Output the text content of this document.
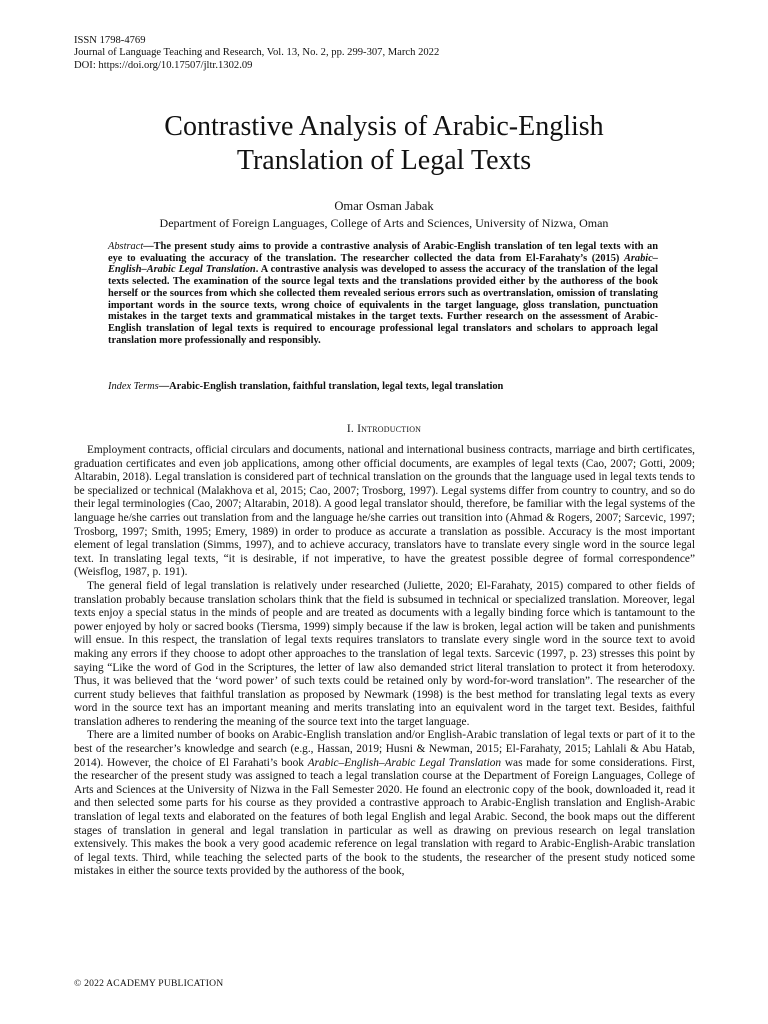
ISSN 1798-4769
Journal of Language Teaching and Research, Vol. 13, No. 2, pp. 299-307, March 2022
DOI: https://doi.org/10.17507/jltr.1302.09
Contrastive Analysis of Arabic-English
Translation of Legal Texts
Omar Osman Jabak
Department of Foreign Languages, College of Arts and Sciences, University of Nizwa, Oman
Abstract—The present study aims to provide a contrastive analysis of Arabic-English translation of ten legal texts with an eye to evaluating the accuracy of the translation. The researcher collected the data from El-Farahaty’s (2015) Arabic–English–Arabic Legal Translation. A contrastive analysis was developed to assess the accuracy of the translation of the legal texts selected. The examination of the source legal texts and the translations provided either by the authoress of the book herself or the sources from which she collected them revealed serious errors such as overtranslation, omission of translating important words in the source texts, wrong choice of equivalents in the target language, gloss translation, punctuation mistakes in the target texts and grammatical mistakes in the target texts. Further research on the assessment of Arabic-English translation of legal texts is required to encourage professional legal translators and scholars to approach legal translation more professionally and responsibly.
Index Terms—Arabic-English translation, faithful translation, legal texts, legal translation
I. Introduction

Employment contracts, official circulars and documents, national and international business contracts, marriage and birth certificates, graduation certificates and even job applications, among other official documents, are examples of legal texts (Cao, 2007; Gotti, 2009; Altarabin, 2018). Legal translation is considered part of technical translation on the grounds that the language used in legal texts tends to be specialized or technical (Malakhova et al, 2015; Cao, 2007; Trosborg, 1997). Legal systems differ from country to country, and so do their legal terminologies (Cao, 2007; Altarabin, 2018). A good legal translator should, therefore, be familiar with the legal systems of the language he/she carries out translation from and the language he/she carries out transition into (Ahmad & Rogers, 2007; Sarcevic, 1997; Trosborg, 1997; Smith, 1995; Emery, 1989) in order to produce as accurate a translation as possible. Accuracy is the most important element of legal translation (Simms, 1997), and to achieve accuracy, translators have to translate every single word in the source legal text. In translating legal texts, “it is desirable, if not imperative, to have the greatest possible degree of formal correspondence” (Weisflog, 1987, p. 191).

The general field of legal translation is relatively under researched (Juliette, 2020; El-Farahaty, 2015) compared to other fields of translation probably because translation scholars think that the field is subsumed in technical or specialized translation. Moreover, legal texts enjoy a special status in the minds of people and are treated as documents with a legally binding force which is tantamount to the power enjoyed by holy or sacred books (Tiersma, 1999) simply because if the law is broken, legal action will be taken and punishments will ensue. In this respect, the translation of legal texts requires translators to translate every single word in the source text to avoid making any errors if they choose to adopt other approaches to the translation of legal texts. Sarcevic (1997, p. 23) stresses this point by saying “Like the word of God in the Scriptures, the letter of law also demanded strict literal translation to protect it from heterodoxy. Thus, it was believed that the ‘word power’ of such texts could be retained only by word-for-word translation”. The researcher of the current study believes that faithful translation as proposed by Newmark (1998) is the best method for translating legal texts as every word in the source text has an important meaning and merits translating into an equivalent word in the target text. Besides, faithful translation adheres to rendering the meaning of the source text into the target language.

There are a limited number of books on Arabic-English translation and/or English-Arabic translation of legal texts or part of it to the best of the researcher’s knowledge and search (e.g., Hassan, 2019; Husni & Newman, 2015; El-Farahaty, 2015; Lahlali & Abu Hatab, 2014). However, the choice of El Farahati’s book Arabic–English–Arabic Legal Translation was made for some considerations. First, the researcher of the present study was assigned to teach a legal translation course at the Department of Foreign Languages, College of Arts and Sciences at the University of Nizwa in the Fall Semester 2020. He found an electronic copy of the book, downloaded it, read it and then selected some parts for his course as they provided a contrastive approach to Arabic-English translation and English-Arabic translation of legal texts and elaborated on the features of both legal English and legal Arabic. Second, the book maps out the different stages of translation in general and legal translation in particular as well as drawing on previous research on legal translation extensively. This makes the book a very good academic reference on legal translation with regard to Arabic-English-Arabic translation of legal texts. Third, while teaching the selected parts of the book to the students, the researcher of the present study noticed some mistakes in either the source texts provided by the authoress of the book,

© 2022 ACADEMY PUBLICATION
